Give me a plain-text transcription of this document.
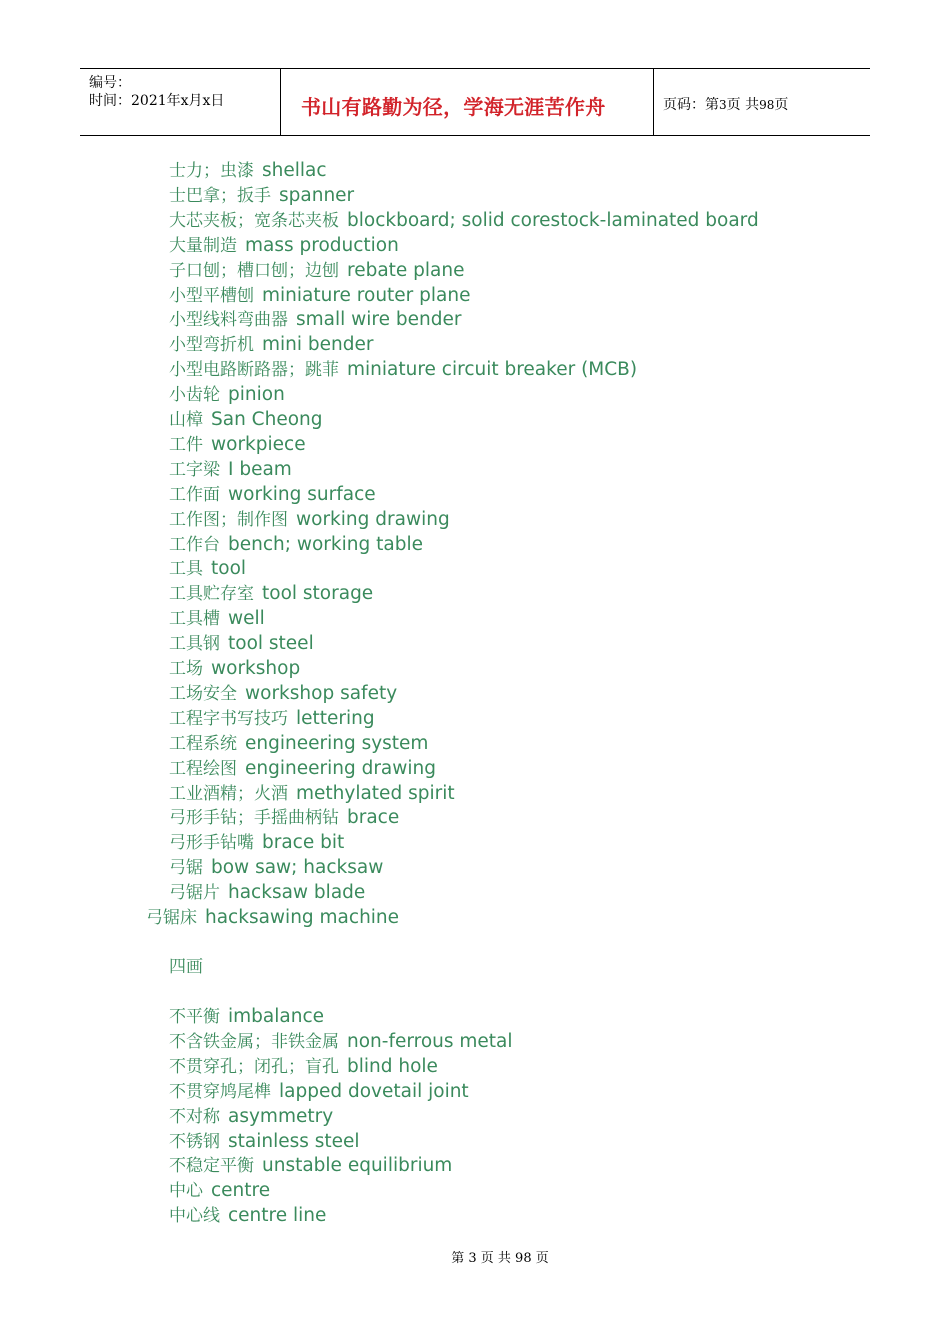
编号：
时间：2021年x月x日	书山有路勤为径，学海无涯苦作舟	页码：第3页 共98页
士力；虫漆 shellac
士巴拿；扳手 spanner
大芯夹板；宽条芯夹板 blockboard; solid corestock-laminated board
大量制造 mass production
子口刨；槽口刨；边刨 rebate plane
小型平槽刨 miniature router plane
小型线料弯曲器 small wire bender
小型弯折机 mini bender
小型电路断路器；跳菲 miniature circuit breaker (MCB)
小齿轮 pinion
山樟 San Cheong
工件 workpiece
工字梁 I beam
工作面 working surface
工作图；制作图 working drawing
工作台 bench; working table
工具 tool
工具贮存室 tool storage
工具槽 well
工具钢 tool steel
工场 workshop
工场安全 workshop safety
工程字书写技巧 lettering
工程系统 engineering system
工程绘图 engineering drawing
工业酒精；火酒 methylated spirit
弓形手钻；手摇曲柄钻 brace
弓形手钻嘴 brace bit
弓锯 bow saw; hacksaw
弓锯片 hacksaw blade
弓锯床 hacksawing machine
不平衡 imbalance
不含铁金属；非铁金属 non-ferrous metal
不贯穿孔；闭孔；盲孔 blind hole
不贯穿鸠尾榫 lapped dovetail joint
不对称 asymmetry
不锈钢 stainless steel
不稳定平衡 unstable equilibrium
中心 centre
中心线 centre line
四画
第 3 页 共 98 页
